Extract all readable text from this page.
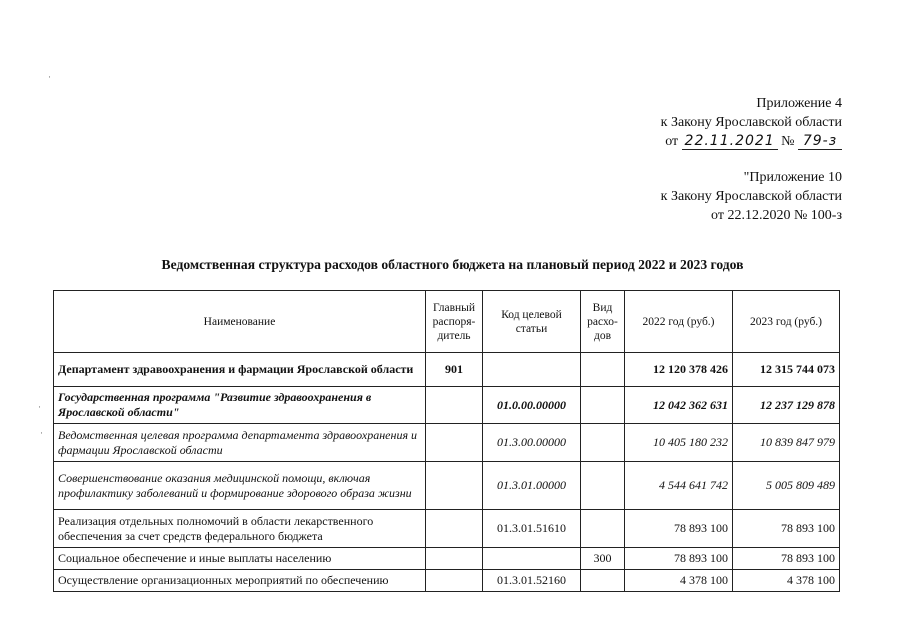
·
·
·
Приложение 4
к Закону Ярославской области
от 22.11.2021 № 79-з
"Приложение 10
к Закону Ярославской области
от 22.12.2020 № 100-з
Ведомственная структура расходов областного бюджета на плановый период 2022 и 2023 годов
Наименование	Главный распоря-дитель	Код целевой статьи	Вид расхо-дов	2022 год (руб.)	2023 год (руб.)
Департамент здравоохранения и фармации Ярославской области	901			12 120 378 426	12 315 744 073
Государственная программа "Развитие здравоохранения в Ярославской области"		01.0.00.00000		12 042 362 631	12 237 129 878
Ведомственная целевая программа департамента здравоохранения и фармации Ярославской области		01.3.00.00000		10 405 180 232	10 839 847 979
Совершенствование оказания медицинской помощи, включая профилактику заболеваний и формирование здорового образа жизни		01.3.01.00000		4 544 641 742	5 005 809 489
Реализация отдельных полномочий в области лекарственного обеспечения за счет средств федерального бюджета		01.3.01.51610		78 893 100	78 893 100
Социальное обеспечение и иные выплаты населению			300	78 893 100	78 893 100
Осуществление организационных мероприятий по обеспечению		01.3.01.52160		4 378 100	4 378 100
